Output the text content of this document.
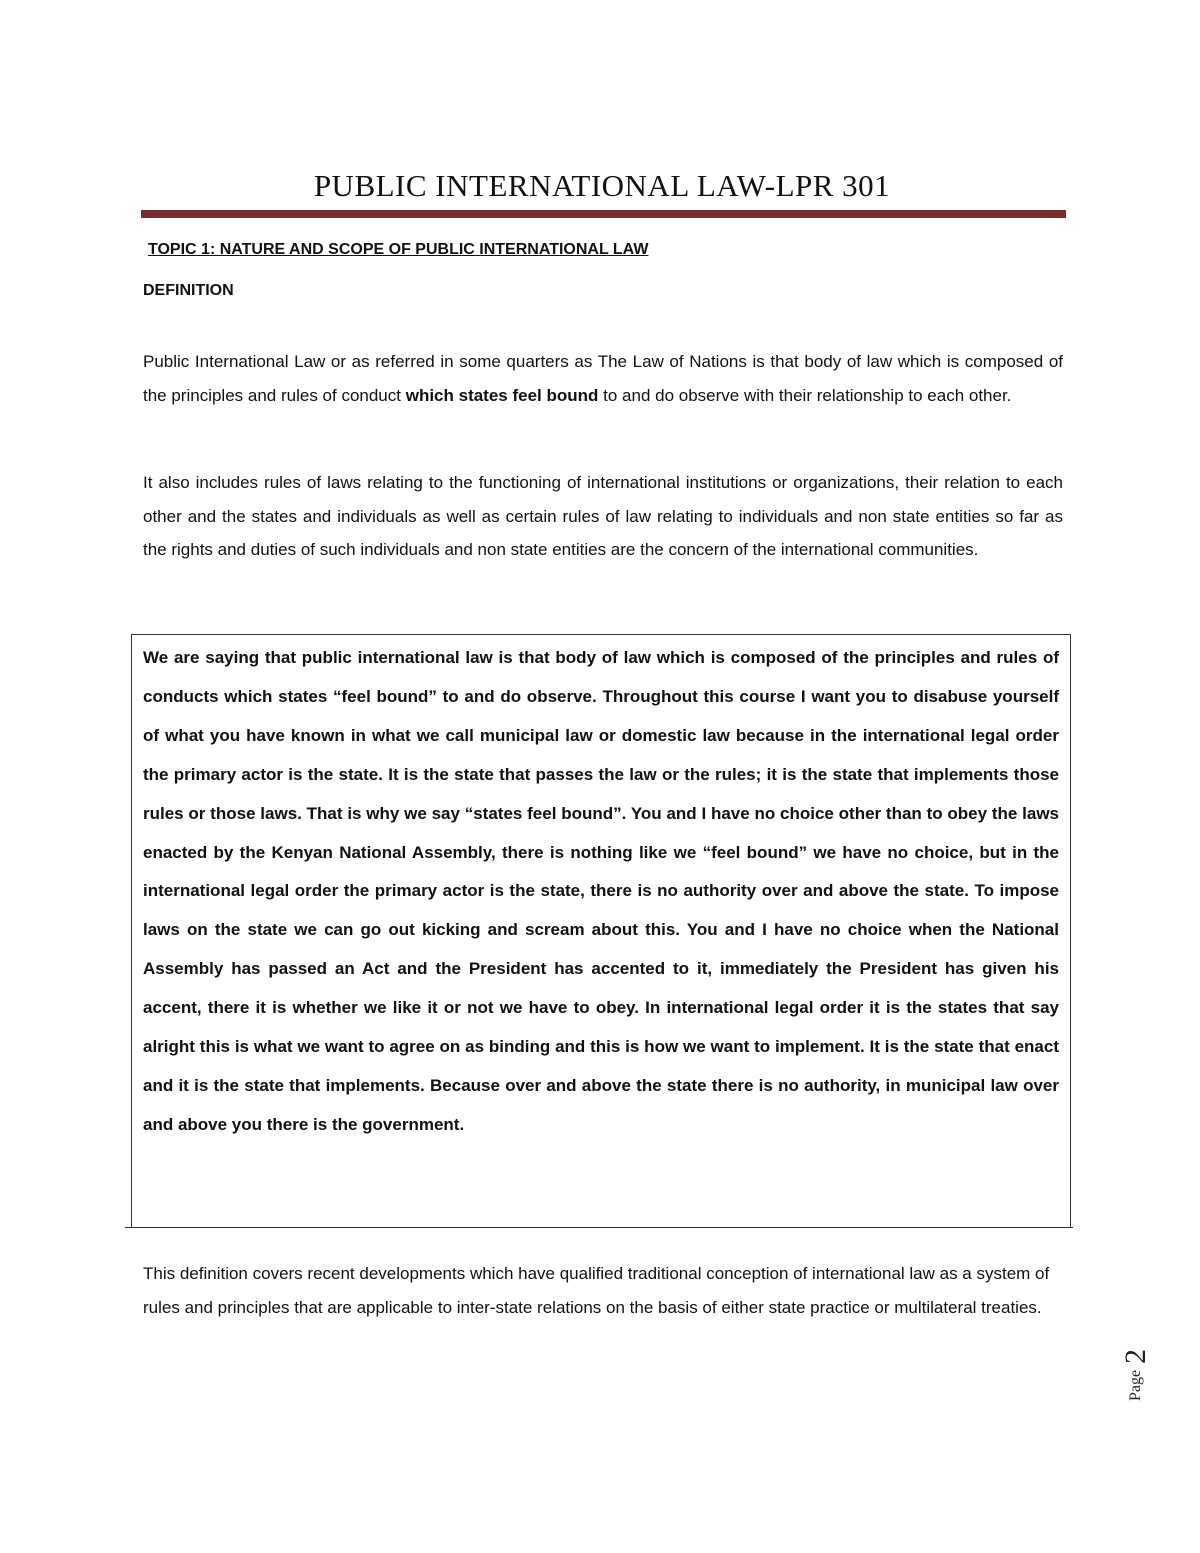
PUBLIC INTERNATIONAL LAW-LPR 301
TOPIC 1: NATURE AND SCOPE OF PUBLIC INTERNATIONAL LAW
DEFINITION

Public International Law or as referred in some quarters as The Law of Nations is that body of law which is composed of the principles and rules of conduct which states feel bound to and do observe with their relationship to each other.

It also includes rules of laws relating to the functioning of international institutions or organizations, their relation to each other and the states and individuals as well as certain rules of law relating to individuals and non state entities so far as the rights and duties of such individuals and non state entities are the concern of the international communities.

We are saying that public international law is that body of law which is composed of the principles and rules of conducts which states “feel bound” to and do observe. Throughout this course I want you to disabuse yourself of what you have known in what we call municipal law or domestic law because in the international legal order the primary actor is the state. It is the state that passes the law or the rules; it is the state that implements those rules or those laws. That is why we say “states feel bound”. You and I have no choice other than to obey the laws enacted by the Kenyan National Assembly, there is nothing like we “feel bound” we have no choice, but in the international legal order the primary actor is the state, there is no authority over and above the state. To impose laws on the state we can go out kicking and scream about this. You and I have no choice when the National Assembly has passed an Act and the President has accented to it, immediately the President has given his accent, there it is whether we like it or not we have to obey. In international legal order it is the states that say alright this is what we want to agree on as binding and this is how we want to implement. It is the state that enact and it is the state that implements. Because over and above the state there is no authority, in municipal law over and above you there is the government.

This definition covers recent developments which have qualified traditional conception of international law as a system of rules and principles that are applicable to inter-state relations on the basis of either state practice or multilateral treaties.

Page2
